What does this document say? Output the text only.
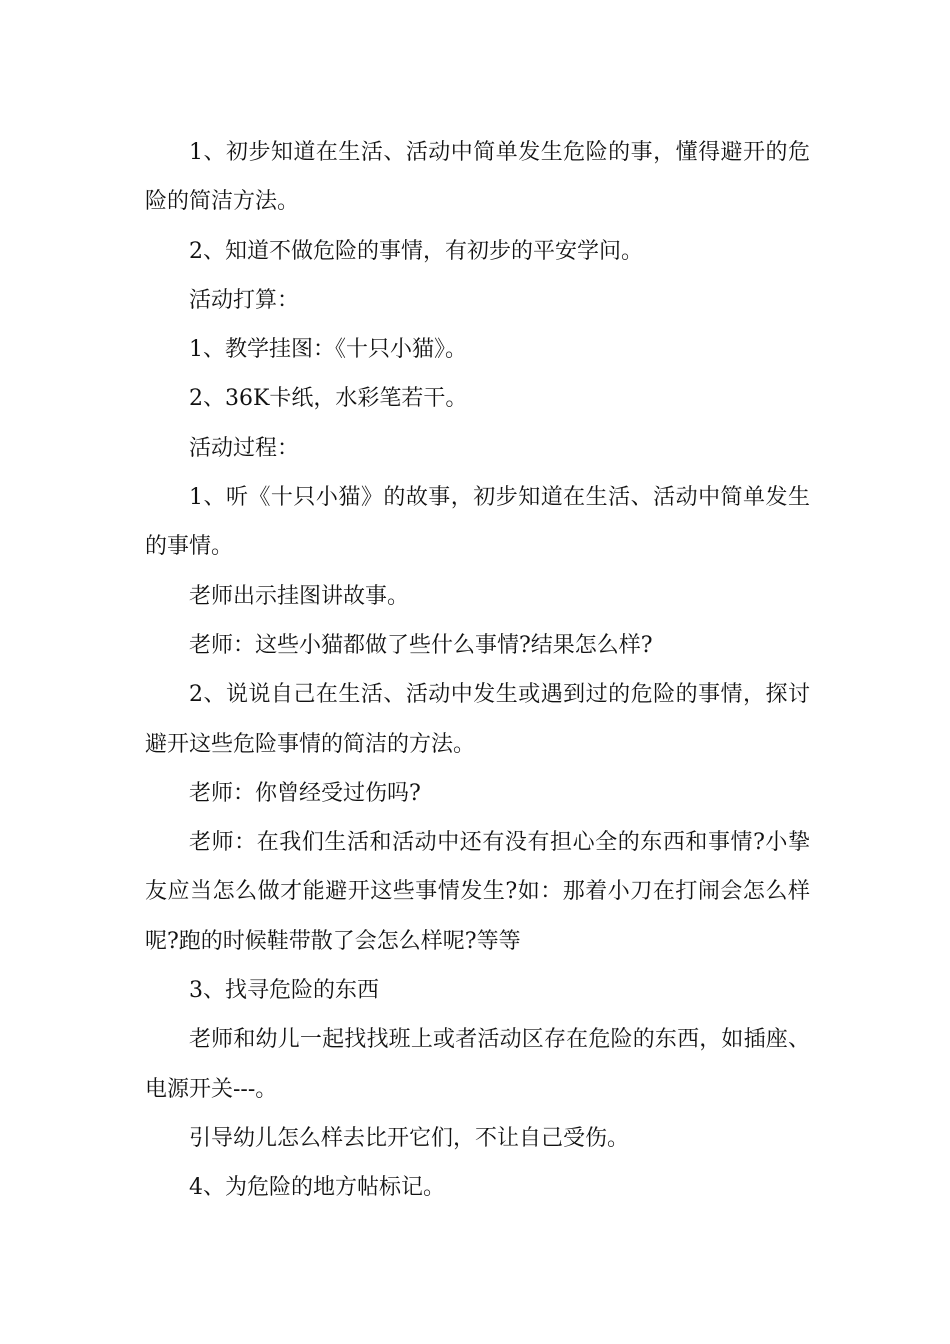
1、初步知道在生活、活动中简单发生危险的事，懂得避开的危险的简洁方法。

2、知道不做危险的事情，有初步的平安学问。

活动打算：

1、教学挂图：《十只小猫》。

2、36K卡纸，水彩笔若干。

活动过程：

1、听《十只小猫》的故事，初步知道在生活、活动中简单发生的事情。

老师出示挂图讲故事。

老师：这些小猫都做了些什么事情?结果怎么样?

2、说说自己在生活、活动中发生或遇到过的危险的事情，探讨避开这些危险事情的简洁的方法。

老师：你曾经受过伤吗?

老师：在我们生活和活动中还有没有担心全的东西和事情?小挚友应当怎么做才能避开这些事情发生?如：那着小刀在打闹会怎么样呢?跑的时候鞋带散了会怎么样呢?等等

3、找寻危险的东西

老师和幼儿一起找找班上或者活动区存在危险的东西，如插座、电源开关---。

引导幼儿怎么样去比开它们，不让自己受伤。

4、为危险的地方帖标记。
